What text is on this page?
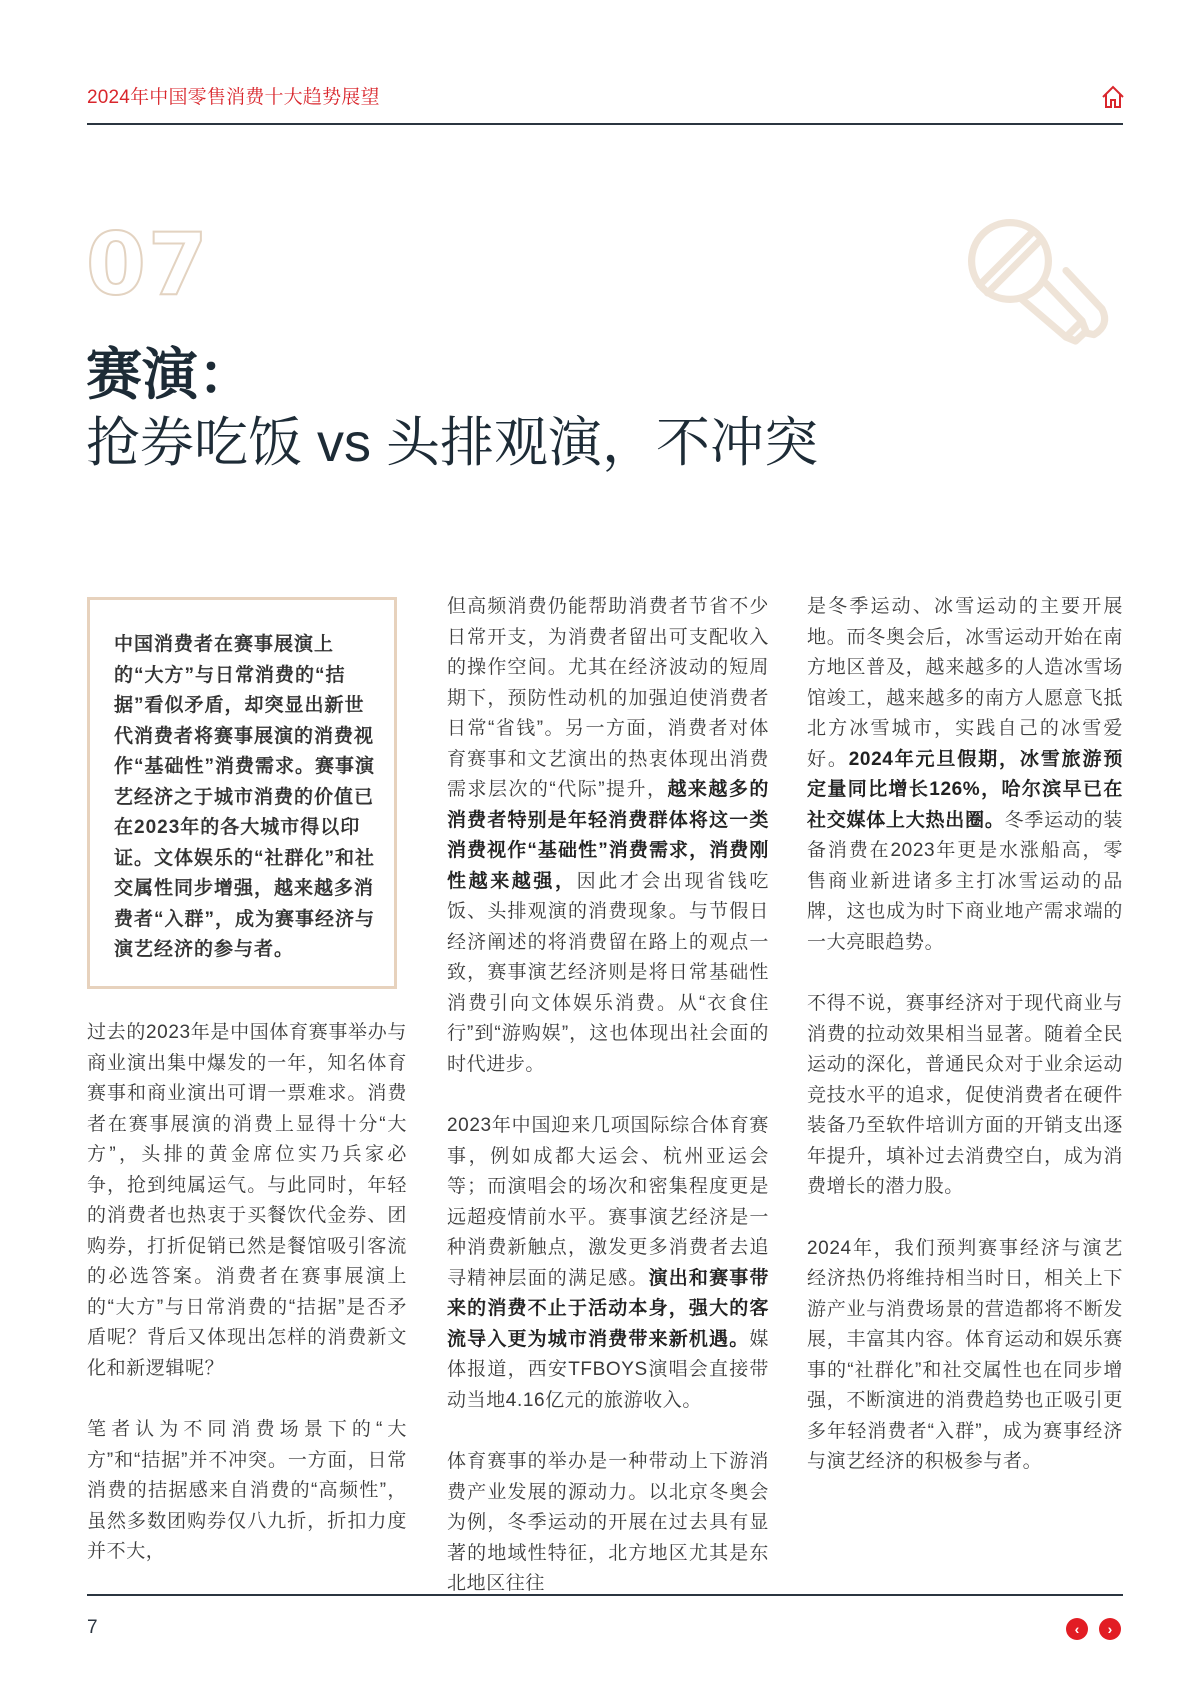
2024年中国零售消费十大趋势展望
07
赛演：
抢券吃饭 vs 头排观演，不冲突
中国消费者在赛事展演上的“大方”与日常消费的“拮据”看似矛盾，却突显出新世代消费者将赛事展演的消费视作“基础性”消费需求。赛事演艺经济之于城市消费的价值已在2023年的各大城市得以印证。文体娱乐的“社群化”和社交属性同步增强，越来越多消费者“入群”，成为赛事经济与演艺经济的参与者。

过去的2023年是中国体育赛事举办与商业演出集中爆发的一年，知名体育赛事和商业演出可谓一票难求。消费者在赛事展演的消费上显得十分“大方”，头排的黄金席位实乃兵家必争，抢到纯属运气。与此同时，年轻的消费者也热衷于买餐饮代金券、团购券，打折促销已然是餐馆吸引客流的必选答案。消费者在赛事展演上的“大方”与日常消费的“拮据”是否矛盾呢？背后又体现出怎样的消费新文化和新逻辑呢？

笔者认为不同消费场景下的“大方”和“拮据”并不冲突。一方面，日常消费的拮据感来自消费的“高频性”，虽然多数团购券仅八九折，折扣力度并不大，

但高频消费仍能帮助消费者节省不少日常开支，为消费者留出可支配收入的操作空间。尤其在经济波动的短周期下，预防性动机的加强迫使消费者日常“省钱”。另一方面，消费者对体育赛事和文艺演出的热衷体现出消费需求层次的“代际”提升，越来越多的消费者特别是年轻消费群体将这一类消费视作“基础性”消费需求，消费刚性越来越强，因此才会出现省钱吃饭、头排观演的消费现象。与节假日经济阐述的将消费留在路上的观点一致，赛事演艺经济则是将日常基础性消费引向文体娱乐消费。从“衣食住行”到“游购娱”，这也体现出社会面的时代进步。

2023年中国迎来几项国际综合体育赛事，例如成都大运会、杭州亚运会等；而演唱会的场次和密集程度更是远超疫情前水平。赛事演艺经济是一种消费新触点，激发更多消费者去追寻精神层面的满足感。演出和赛事带来的消费不止于活动本身，强大的客流导入更为城市消费带来新机遇。媒体报道，西安TFBOYS演唱会直接带动当地4.16亿元的旅游收入。

体育赛事的举办是一种带动上下游消费产业发展的源动力。以北京冬奥会为例，冬季运动的开展在过去具有显著的地域性特征，北方地区尤其是东北地区往往

是冬季运动、冰雪运动的主要开展地。而冬奥会后，冰雪运动开始在南方地区普及，越来越多的人造冰雪场馆竣工，越来越多的南方人愿意飞抵北方冰雪城市，实践自己的冰雪爱好。2024年元旦假期，冰雪旅游预定量同比增长126%，哈尔滨早已在社交媒体上大热出圈。冬季运动的装备消费在2023年更是水涨船高，零售商业新进诸多主打冰雪运动的品牌，这也成为时下商业地产需求端的一大亮眼趋势。

不得不说，赛事经济对于现代商业与消费的拉动效果相当显著。随着全民运动的深化，普通民众对于业余运动竞技水平的追求，促使消费者在硬件装备乃至软件培训方面的开销支出逐年提升，填补过去消费空白，成为消费增长的潜力股。

2024年，我们预判赛事经济与演艺经济热仍将维持相当时日，相关上下游产业与消费场景的营造都将不断发展，丰富其内容。体育运动和娱乐赛事的“社群化”和社交属性也在同步增强，不断演进的消费趋势也正吸引更多年轻消费者“入群”，成为赛事经济与演艺经济的积极参与者。

7	‹	›
